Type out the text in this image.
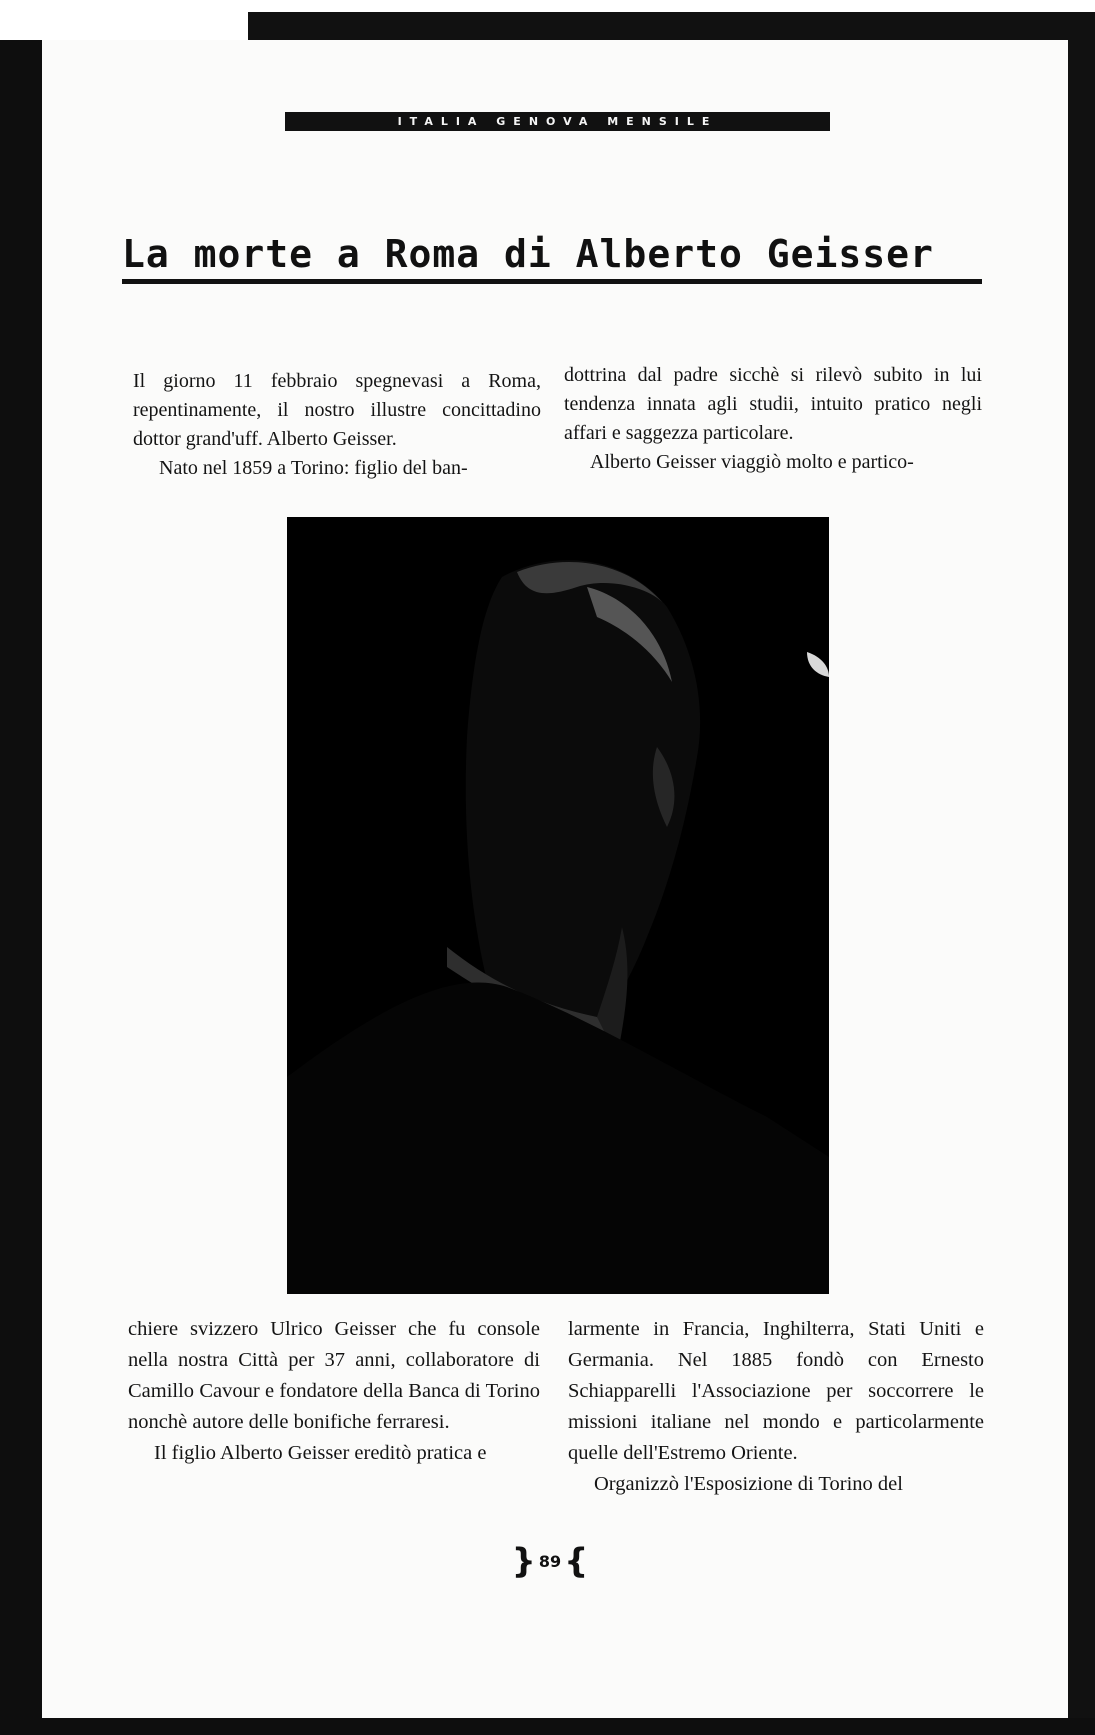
ITALIA GENOVA MENSILE
La morte a Roma di Alberto Geisser

Il giorno 11 febbraio spegnevasi a Roma, repentinamente, il nostro illustre concittadino dottor grand'uff. Alberto Geisser.

Nato nel 1859 a Torino: figlio del ban-

dottrina dal padre sicchè si rilevò subito in lui tendenza innata agli studii, intuito pratico negli affari e saggezza particolare.

Alberto Geisser viaggiò molto e partico-

chiere svizzero Ulrico Geisser che fu console nella nostra Città per 37 anni, collaboratore di Camillo Cavour e fondatore della Banca di Torino nonchè autore delle bonifiche ferraresi.

Il figlio Alberto Geisser ereditò pratica e

larmente in Francia, Inghilterra, Stati Uniti e Germania. Nel 1885 fondò con Ernesto Schiapparelli l'Associazione per soccorrere le missioni italiane nel mondo e particolarmente quelle dell'Estremo Oriente.

Organizzò l'Esposizione di Torino del

} 89{
